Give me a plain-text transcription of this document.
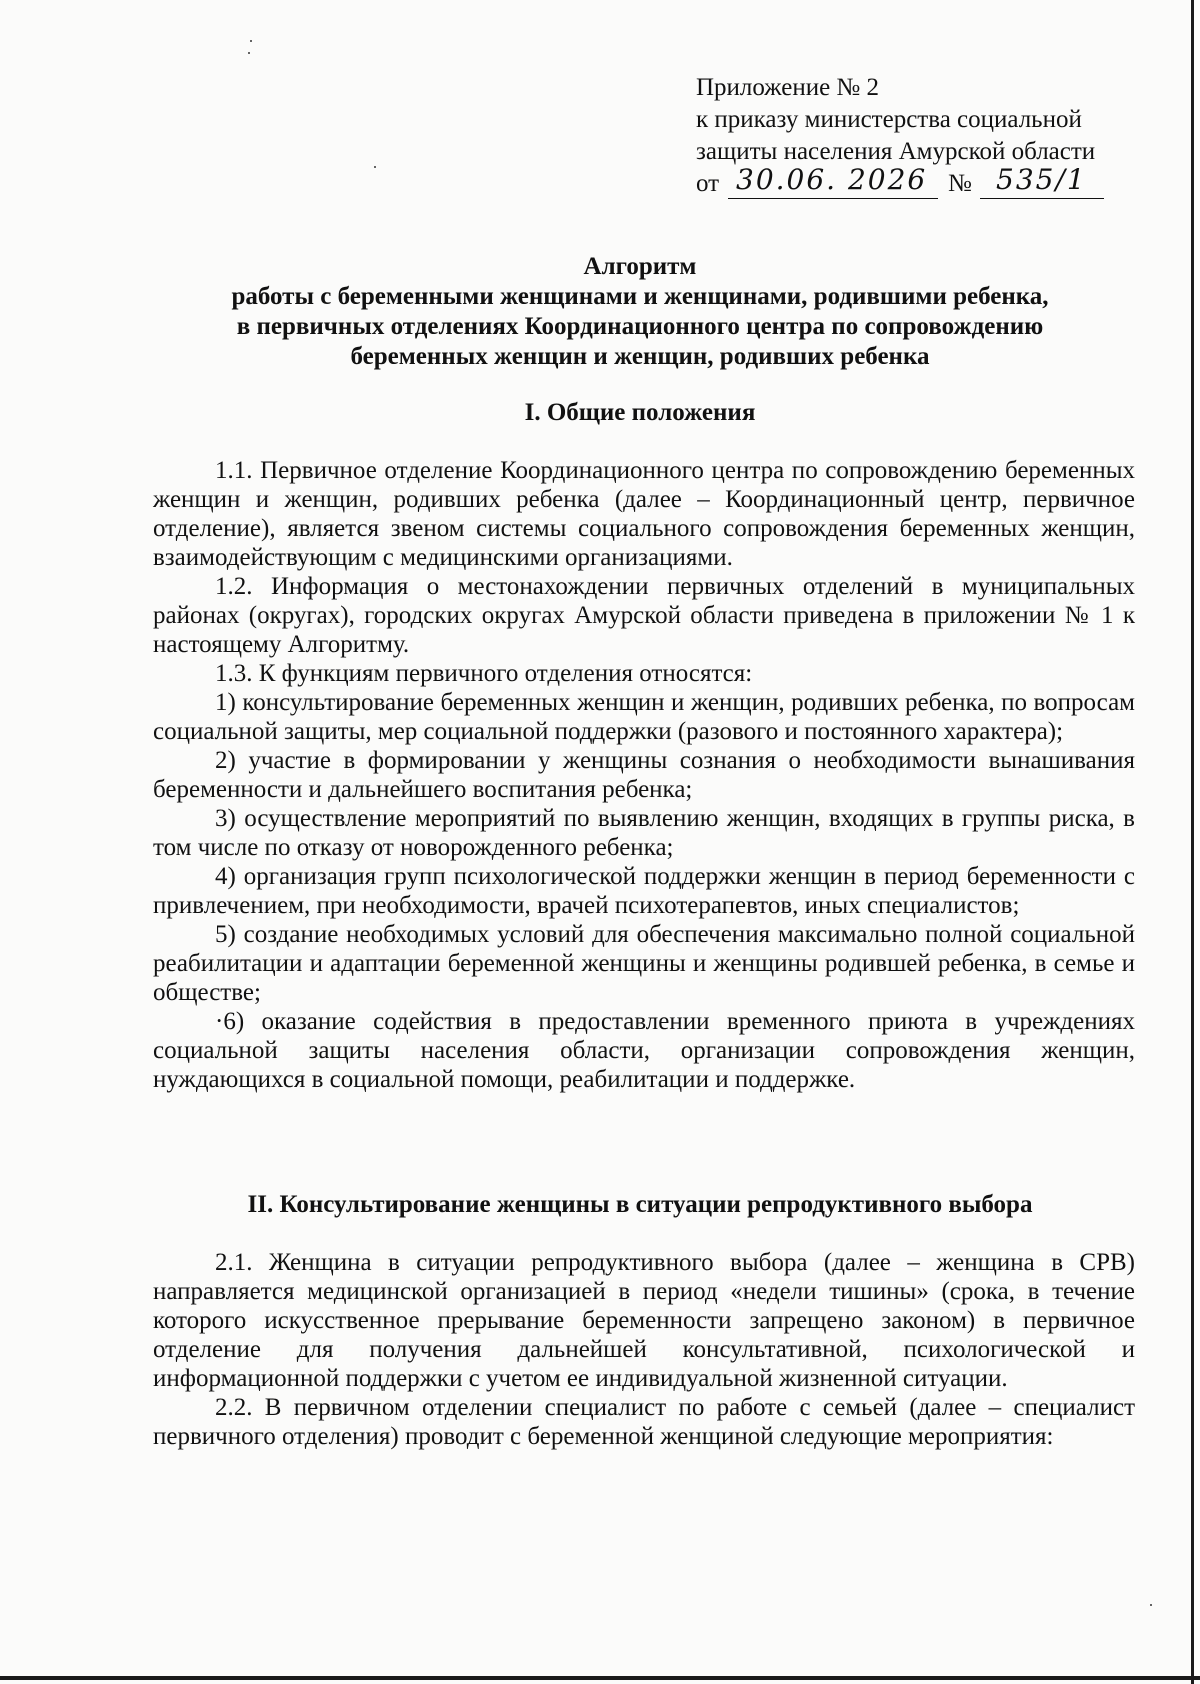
Приложение № 2
к приказу министерства социальной
защиты населения Амурской области
от 30.06. 2026 № 535/1
Алгоритм
работы с беременными женщинами и женщинами, родившими ребенка,
в первичных отделениях Координационного центра по сопровождению
беременных женщин и женщин, родивших ребенка
I. Общие положения

1.1. Первичное отделение Координационного центра по сопровождению беременных женщин и женщин, родивших ребенка (далее – Координационный центр, первичное отделение), является звеном системы социального сопровождения беременных женщин, взаимодействующим с медицинскими организациями.

1.2. Информация о местонахождении первичных отделений в муниципальных районах (округах), городских округах Амурской области приведена в приложении № 1 к настоящему Алгоритму.

1.3. К функциям первичного отделения относятся:

1) консультирование беременных женщин и женщин, родивших ребенка, по вопросам социальной защиты, мер социальной поддержки (разового и постоянного характера);

2) участие в формировании у женщины сознания о необходимости вынашивания беременности и дальнейшего воспитания ребенка;

3) осуществление мероприятий по выявлению женщин, входящих в группы риска, в том числе по отказу от новорожденного ребенка;

4) организация групп психологической поддержки женщин в период беременности с привлечением, при необходимости, врачей психотерапевтов, иных специалистов;

5) создание необходимых условий для обеспечения максимально полной социальной реабилитации и адаптации беременной женщины и женщины родившей ребенка, в семье и обществе;

·6) оказание содействия в предоставлении временного приюта в учреждениях социальной защиты населения области, организации сопровождения женщин, нуждающихся в социальной помощи, реабилитации и поддержке.

II. Консультирование женщины в ситуации репродуктивного выбора

2.1. Женщина в ситуации репродуктивного выбора (далее – женщина в СРВ) направляется медицинской организацией в период «недели тишины» (срока, в течение которого искусственное прерывание беременности запрещено законом) в первичное отделение для получения дальнейшей консультативной, психологической и информационной поддержки с учетом ее индивидуальной жизненной ситуации.

2.2. В первичном отделении специалист по работе с семьей (далее – специалист первичного отделения) проводит с беременной женщиной следующие мероприятия:
